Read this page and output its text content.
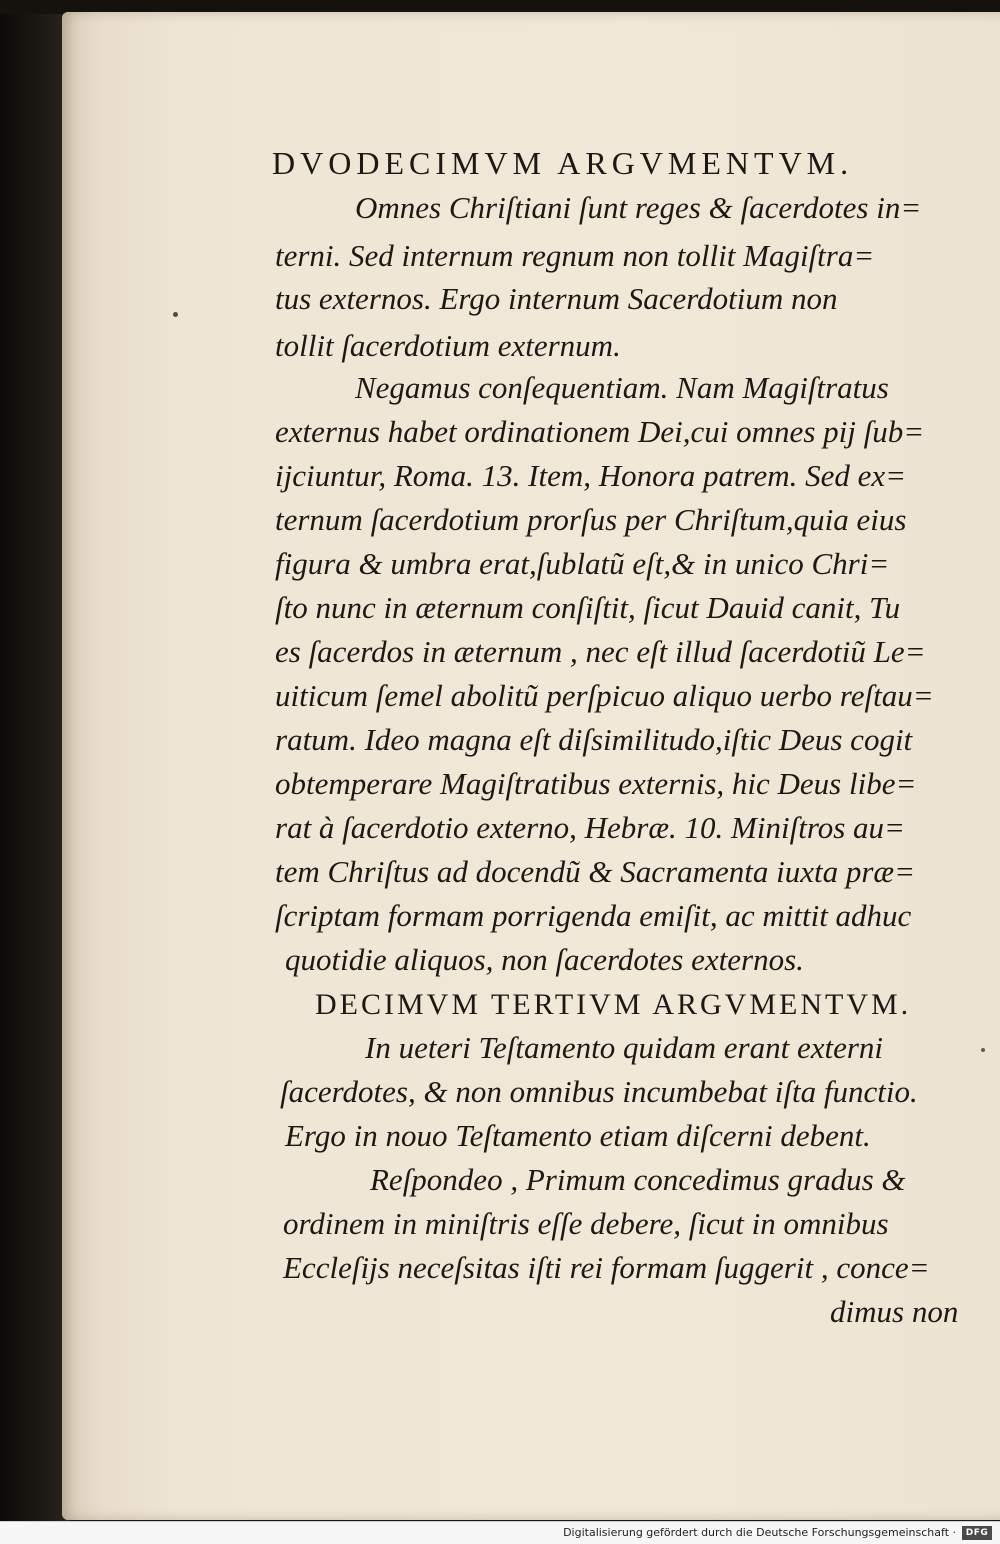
DVODECIMVM ARGVMENTVM.
Omnes Chriſtiani ſunt reges & ſacerdotes in=
terni. Sed internum regnum non tollit Magiſtra=
tus externos. Ergo internum Sacerdotium non
tollit ſacerdotium externum.
Negamus conſequentiam. Nam Magiſtratus
externus habet ordinationem Dei,cui omnes pij ſub=
ijciuntur, Roma. 13. Item, Honora patrem. Sed ex=
ternum ſacerdotium prorſus per Chriſtum,quia eius
figura & umbra erat,ſublatũ eſt,& in unico Chri=
ſto nunc in æternum conſiſtit, ſicut Dauid canit, Tu
es ſacerdos in æternum , nec eſt illud ſacerdotiũ Le=
uiticum ſemel abolitũ perſpicuo aliquo uerbo reſtau=
ratum. Ideo magna eſt diſsimilitudo,iſtic Deus cogit
obtemperare Magiſtratibus externis, hic Deus libe=
rat à ſacerdotio externo, Hebræ. 10. Miniſtros au=
tem Chriſtus ad docendũ & Sacramenta iuxta præ=
ſcriptam formam porrigenda emiſit, ac mittit adhuc
quotidie aliquos, non ſacerdotes externos.
DECIMVM TERTIVM ARGVMENTVM.
In ueteri Teſtamento quidam erant externi
ſacerdotes, & non omnibus incumbebat iſta functio.
Ergo in nouo Teſtamento etiam diſcerni debent.
Reſpondeo , Primum concedimus gradus &
ordinem in miniſtris eſſe debere, ſicut in omnibus
Eccleſijs neceſsitas iſti rei formam ſuggerit , conce=
dimus non
Digitalisierung gefördert durch die Deutsche Forschungsgemeinschaft ·	DFG
